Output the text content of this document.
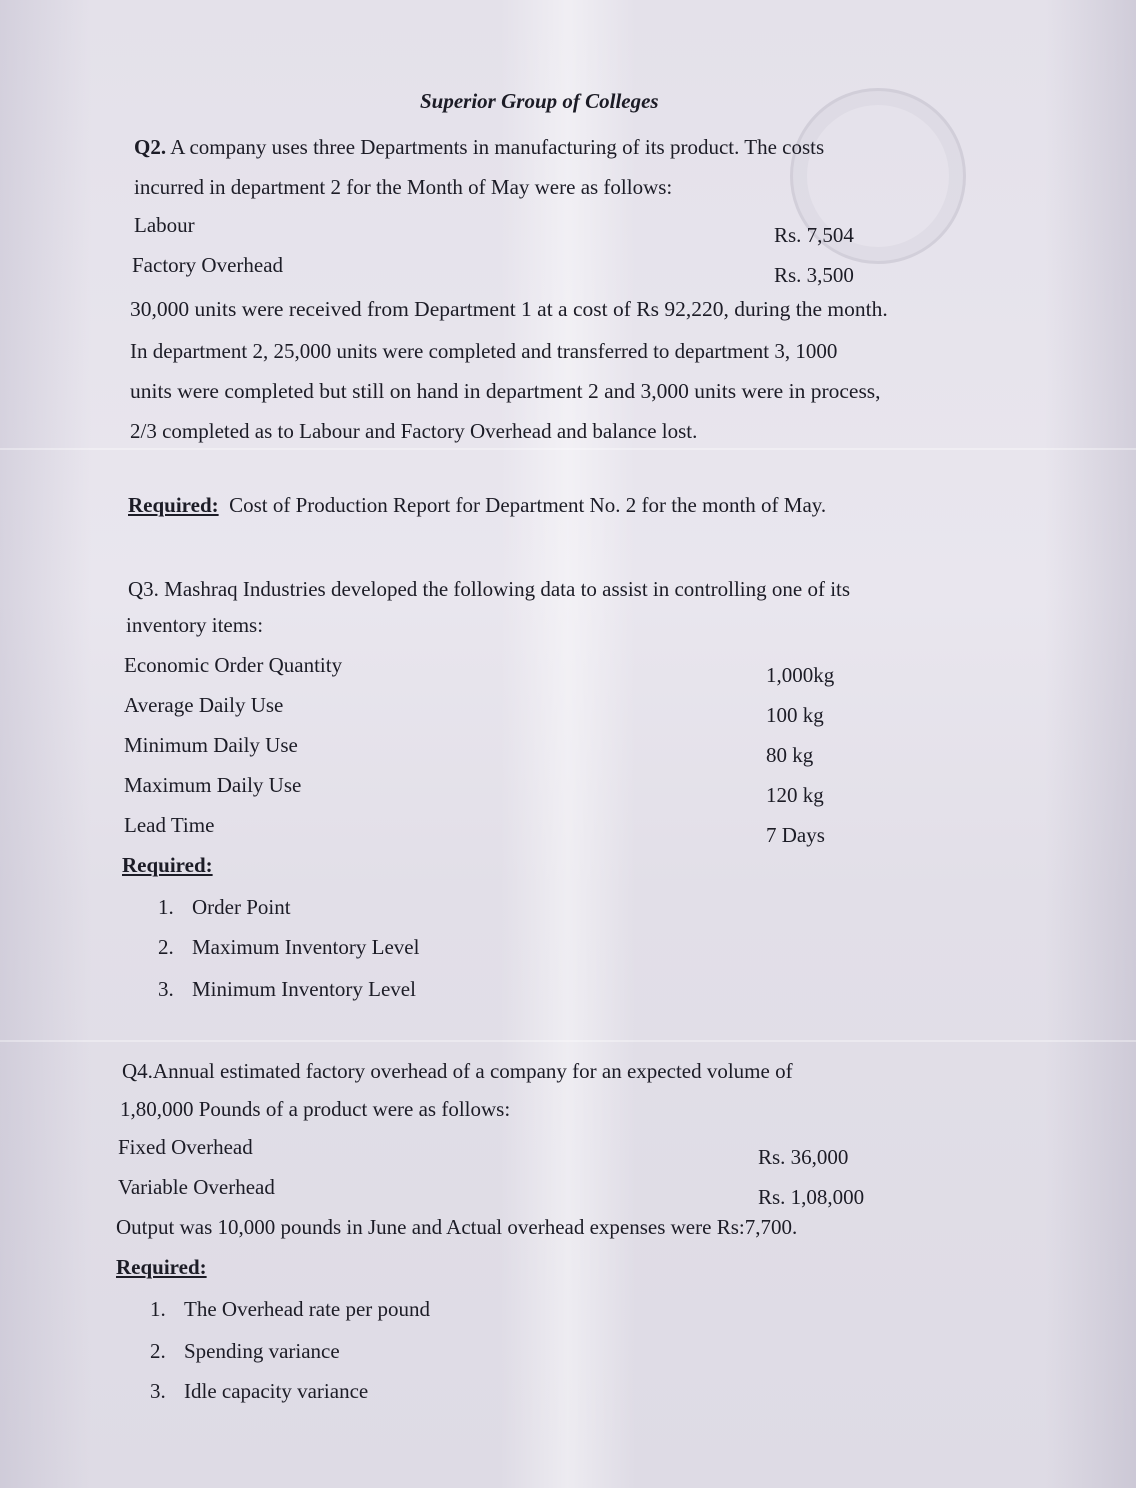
Superior Group of Colleges
Q2. A company uses three Departments in manufacturing of its product. The costs
incurred in department 2 for the Month of May were as follows:
Labour	Rs. 7,504
Factory Overhead	Rs. 3,500
30,000 units were received from Department 1 at a cost of Rs 92,220, during the month.
In department 2, 25,000 units were completed and transferred to department 3, 1000
units were completed but still on hand in department 2 and 3,000 units were in process,
2/3 completed as to Labour and Factory Overhead and balance lost.
Required: Cost of Production Report for Department No. 2 for the month of May.
Q3. Mashraq Industries developed the following data to assist in controlling one of its
inventory items:
Economic Order Quantity	1,000kg
Average Daily Use	100 kg
Minimum Daily Use	80 kg
Maximum Daily Use	120 kg
Lead Time	7 Days
Required:
1. Order Point
2. Maximum Inventory Level
3. Minimum Inventory Level
Q4.Annual estimated factory overhead of a company for an expected volume of
1,80,000 Pounds of a product were as follows:
Fixed Overhead	Rs. 36,000
Variable Overhead	Rs. 1,08,000
Output was 10,000 pounds in June and Actual overhead expenses were Rs:7,700.
Required:
1. The Overhead rate per pound
2. Spending variance
3. Idle capacity variance
